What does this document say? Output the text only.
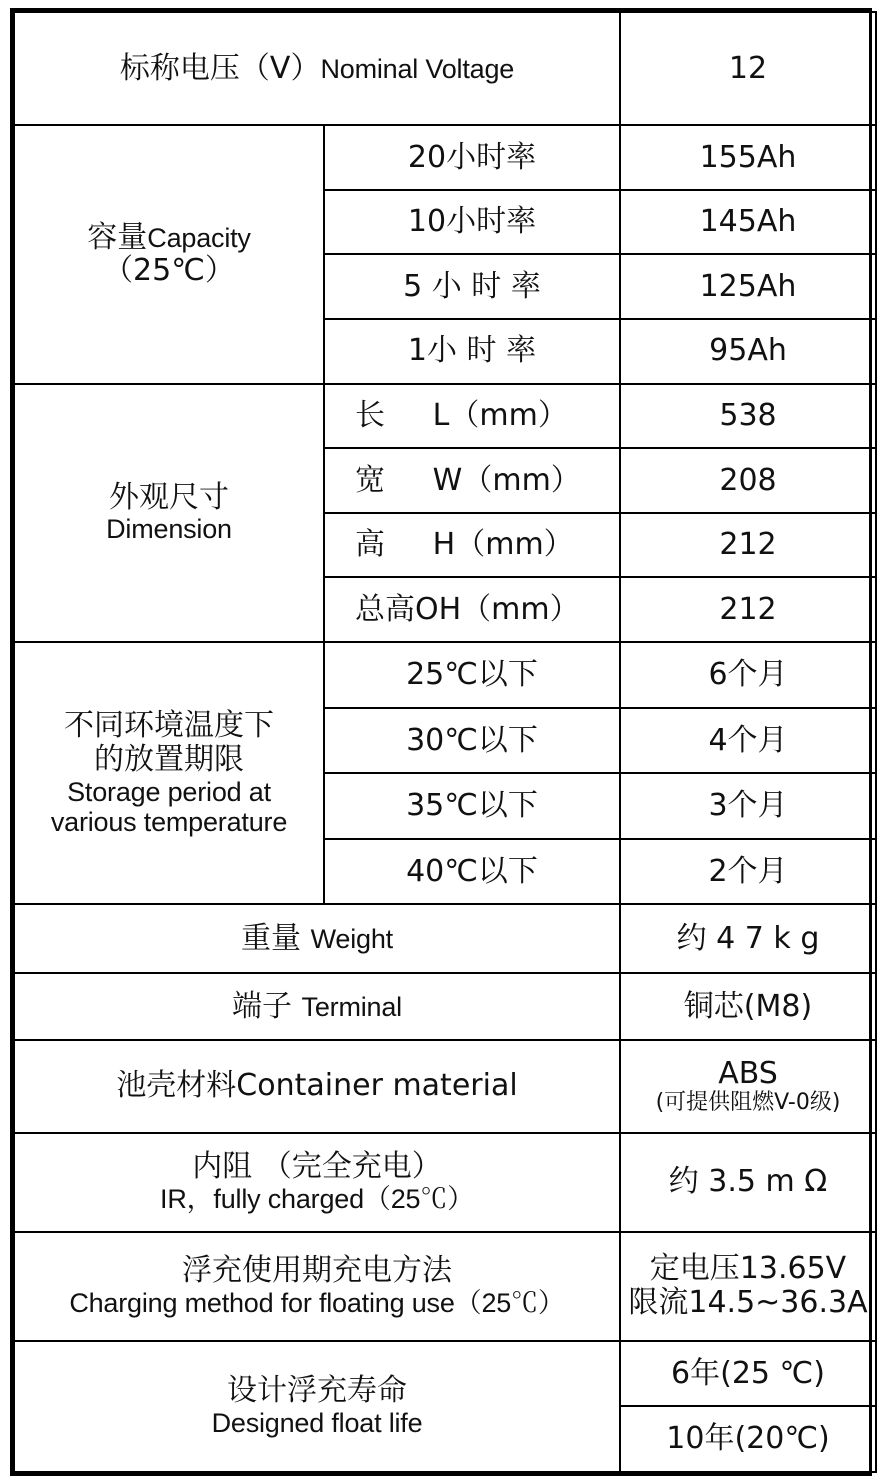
标称电压（V）Nominal Voltage		12

容量Capacity
（25℃）	20小时率	155Ah
	10小时率	145Ah
	5 小 时 率	125Ah
	1小 时 率	95Ah

外观尺寸
Dimension	长     L（mm）	538
	宽     W（mm）	208
	高     H（mm）	212
	总高OH（mm）	212

不同环境温度下
的放置期限
Storage period at
various temperature	25℃以下	6个月
	30℃以下	4个月
	35℃以下	3个月
	40℃以下	2个月
重量 Weight		约 4 7 k g
端子 Terminal		铜芯(M8)
池壳材料Container material		ABS
(可提供阻燃V-0级)

内阻 （完全充电）
IR，fully charged（25℃）		约 3.5 m Ω

浮充使用期充电方法
Charging method for floating use（25℃）		定电压13.65V
限流14.5~36.3A

设计浮充寿命
Designed float life		6年(25 ℃)
		10年(20℃)
